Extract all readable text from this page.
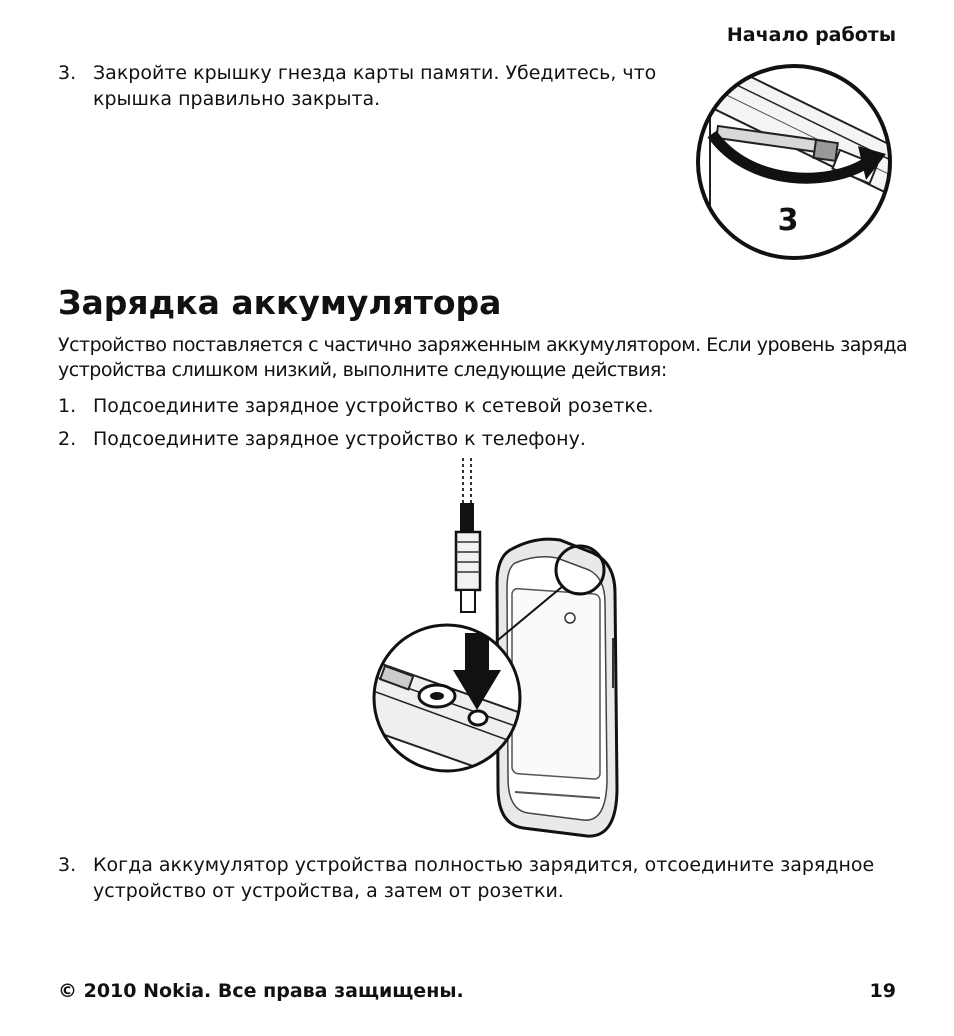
Начало работы
3. Закройте крышку гнезда карты памяти. Убедитесь, что крышка правильно закрыта.
3
Зарядка аккумулятора
Устройство поставляется с частично заряженным аккумулятором. Если уровень заряда устройства слишком низкий, выполните следующие действия:
1. Подсоедините зарядное устройство к сетевой розетке.
2. Подсоедините зарядное устройство к телефону.
3. Когда аккумулятор устройства полностью зарядится, отсоедините зарядное устройство от устройства, а затем от розетки.
© 2010 Nokia. Все права защищены.	19
